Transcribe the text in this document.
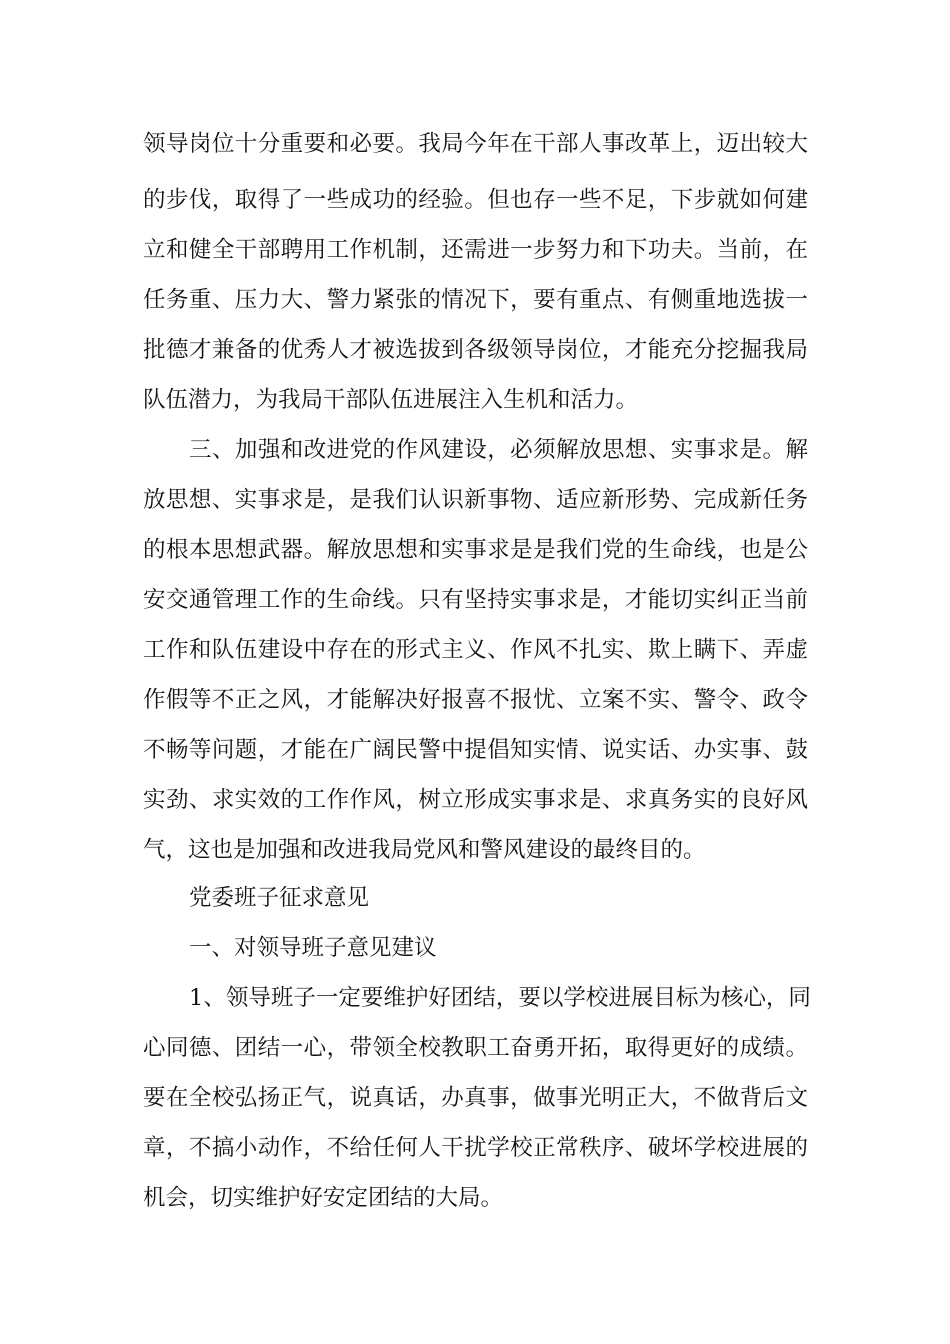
领导岗位十分重要和必要。我局今年在干部人事改革上，迈出较大
的步伐，取得了一些成功的经验。但也存一些不足，下步就如何建
立和健全干部聘用工作机制，还需进一步努力和下功夫。当前，在
任务重、压力大、警力紧张的情况下，要有重点、有侧重地选拔一
批德才兼备的优秀人才被选拔到各级领导岗位，才能充分挖掘我局
队伍潜力，为我局干部队伍进展注入生机和活力。
三、加强和改进党的作风建设，必须解放思想、实事求是。解
放思想、实事求是，是我们认识新事物、适应新形势、完成新任务
的根本思想武器。解放思想和实事求是是我们党的生命线，也是公
安交通管理工作的生命线。只有坚持实事求是，才能切实纠正当前
工作和队伍建设中存在的形式主义、作风不扎实、欺上瞒下、弄虚
作假等不正之风，才能解决好报喜不报忧、立案不实、警令、政令
不畅等问题，才能在广阔民警中提倡知实情、说实话、办实事、鼓
实劲、求实效的工作作风，树立形成实事求是、求真务实的良好风
气，这也是加强和改进我局党风和警风建设的最终目的。
党委班子征求意见
一、对领导班子意见建议
1、领导班子一定要维护好团结，要以学校进展目标为核心，同
心同德、团结一心，带领全校教职工奋勇开拓，取得更好的成绩。
要在全校弘扬正气，说真话，办真事，做事光明正大，不做背后文
章，不搞小动作，不给任何人干扰学校正常秩序、破坏学校进展的
机会，切实维护好安定团结的大局。
